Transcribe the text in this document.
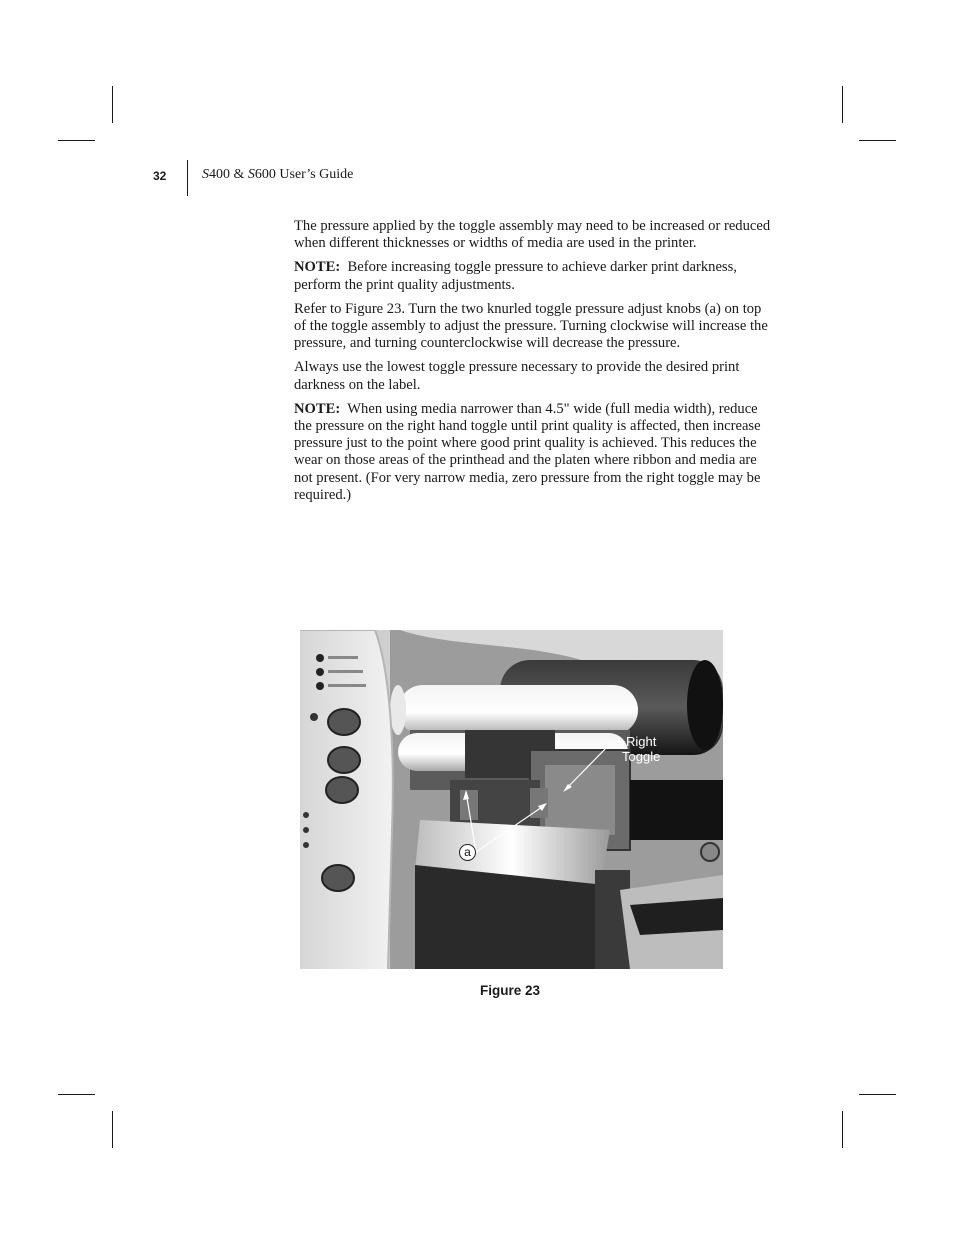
32	S400 & S600 User’s Guide

The pressure applied by the toggle assembly may need to be increased or reduced when different thicknesses or widths of media are used in the printer.

NOTE: Before increasing toggle pressure to achieve darker print darkness, perform the print quality adjustments.

Refer to Figure 23. Turn the two knurled toggle pressure adjust knobs (a) on top of the toggle assembly to adjust the pressure. Turning clockwise will increase the pressure, and turning counterclockwise will decrease the pressure.

Always use the lowest toggle pressure necessary to provide the desired print darkness on the label.

NOTE: When using media narrower than 4.5" wide (full media width), reduce the pressure on the right hand toggle until print quality is affected, then increase pressure just to the point where good print quality is achieved. This reduces the wear on those areas of the printhead and the platen where ribbon and media are not present. (For very narrow media, zero pressure from the right toggle may be required.)

Right
Toggle
a
Figure 23
